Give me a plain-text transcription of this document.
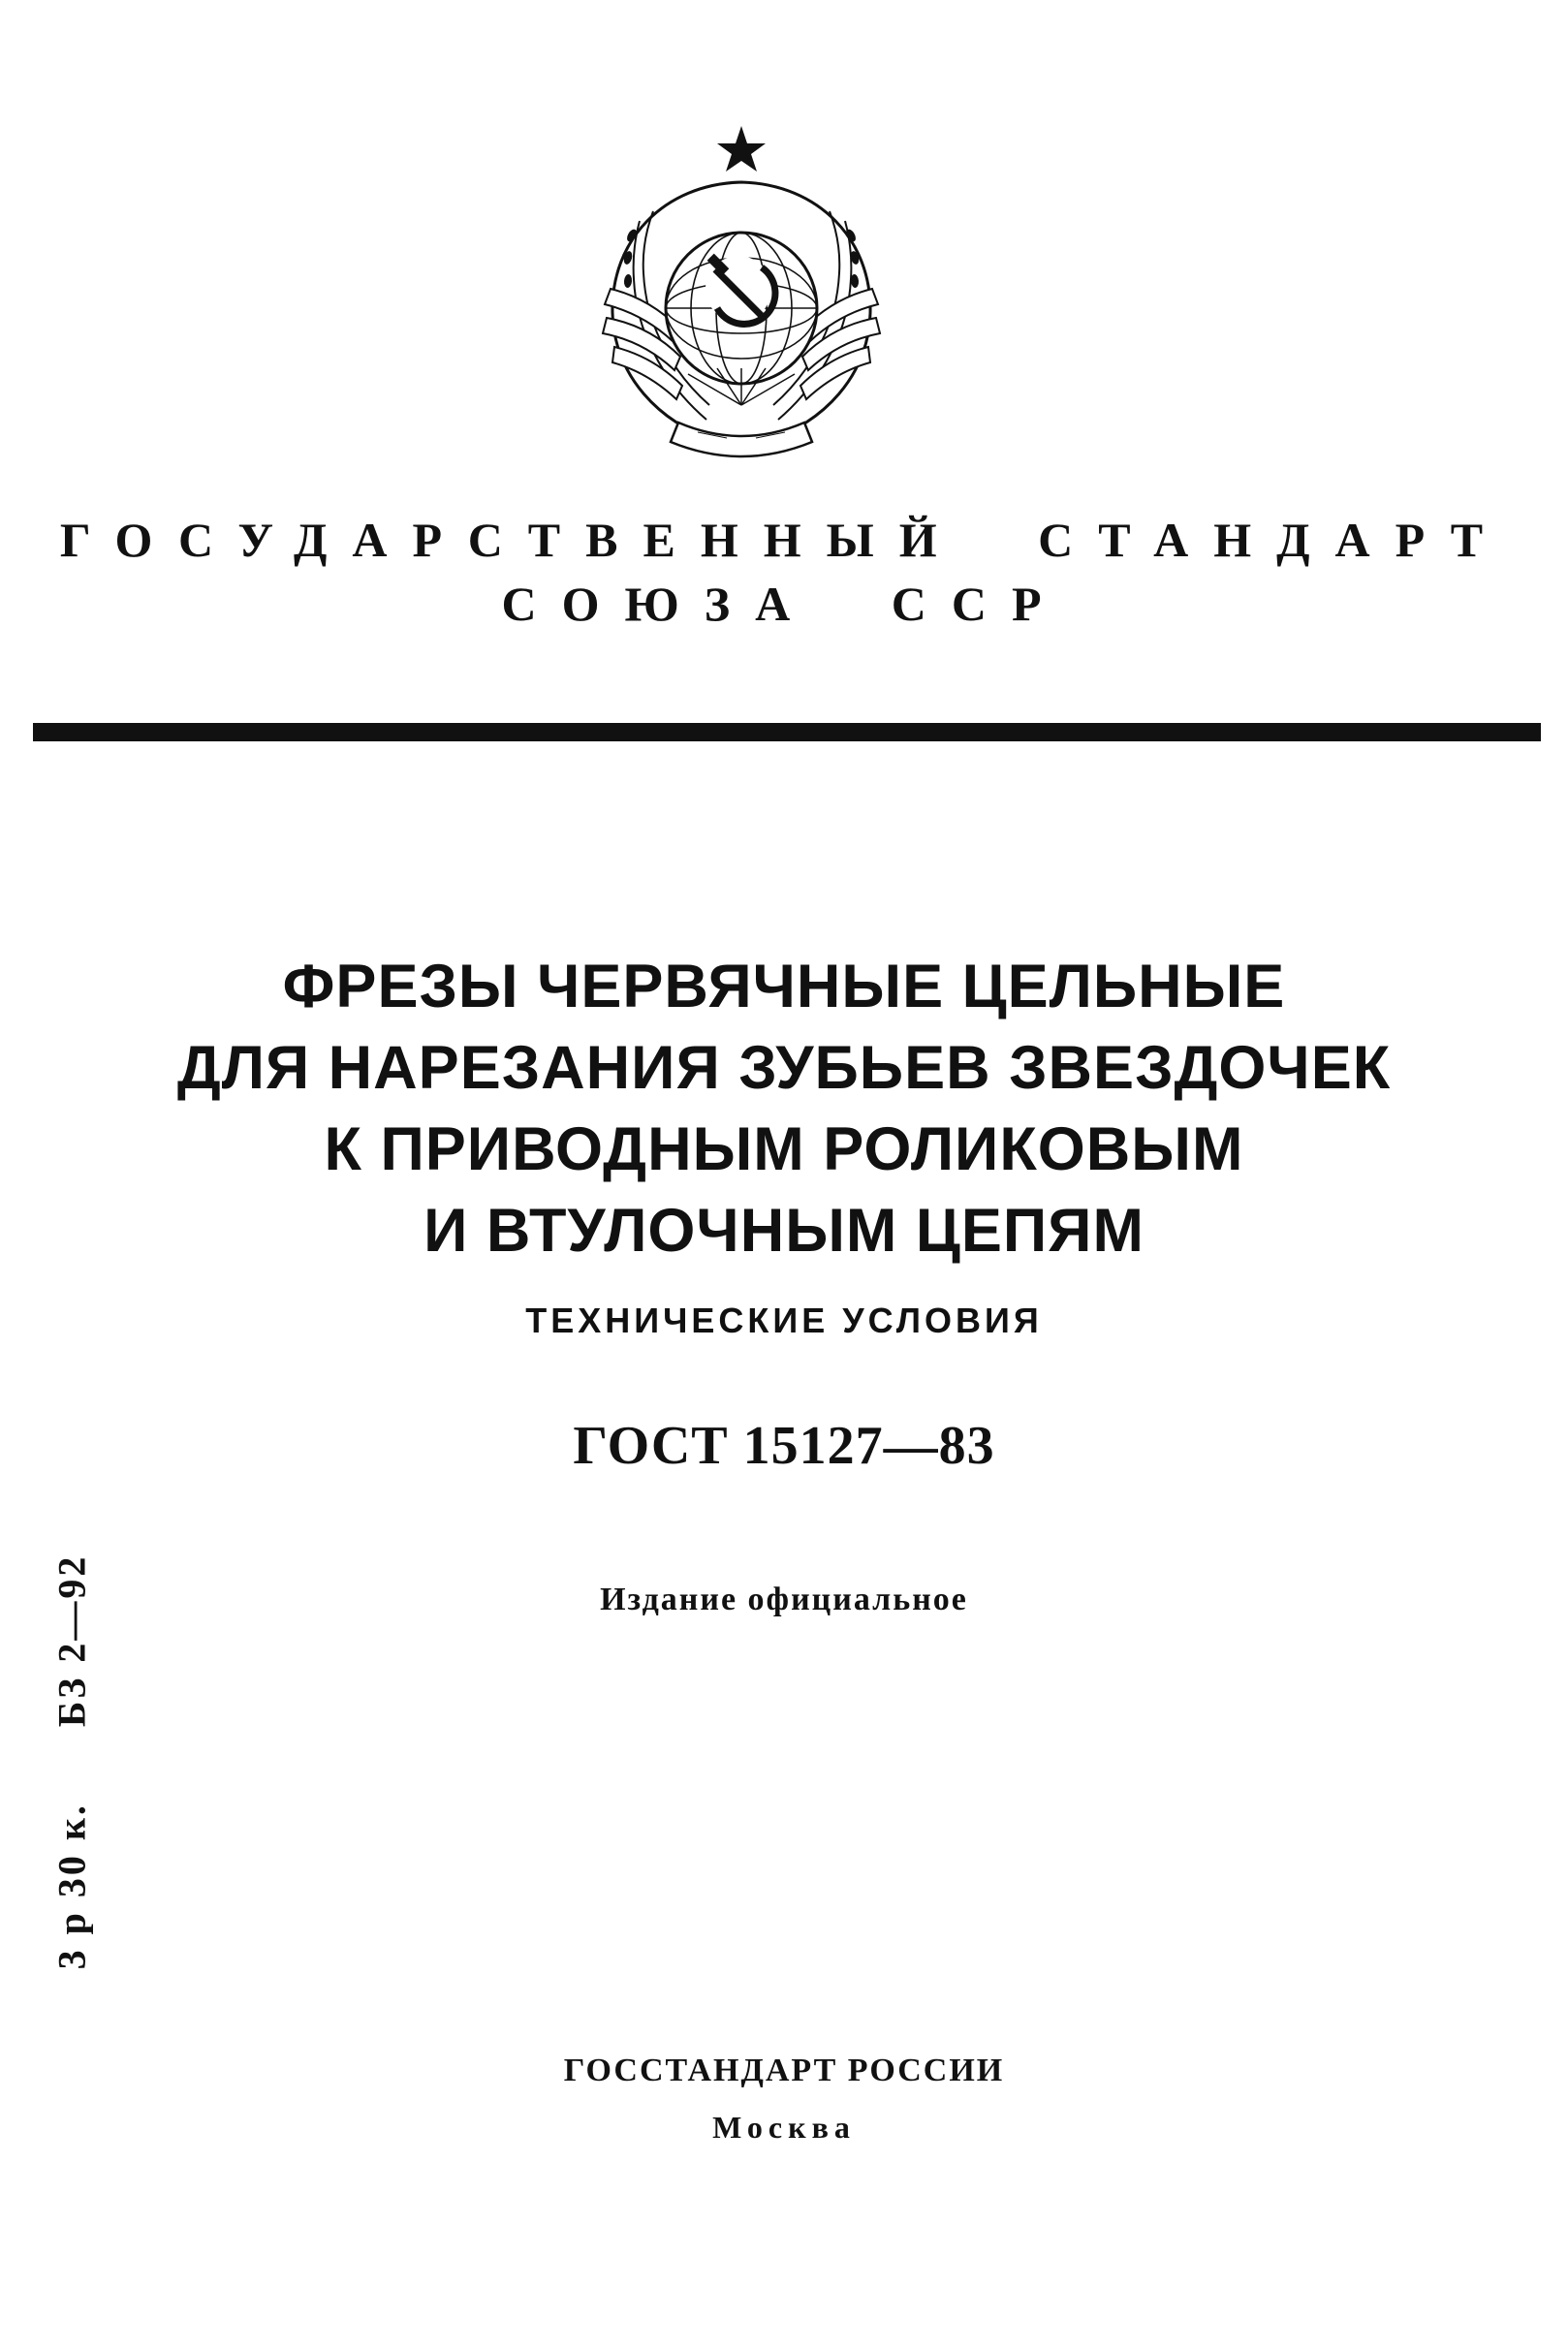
ГОСУДАРСТВЕННЫЙ СТАНДАРТ
СОЮЗА ССР
ФРЕЗЫ ЧЕРВЯЧНЫЕ ЦЕЛЬНЫЕ
ДЛЯ НАРЕЗАНИЯ ЗУБЬЕВ ЗВЕЗДОЧЕК
К ПРИВОДНЫМ РОЛИКОВЫМ
И ВТУЛОЧНЫМ ЦЕПЯМ
ТЕХНИЧЕСКИЕ УСЛОВИЯ
ГОСТ 15127—83
Издание официальное
3 р 30 к.БЗ 2—92
ГОССТАНДАРТ РОССИИ
Москва
